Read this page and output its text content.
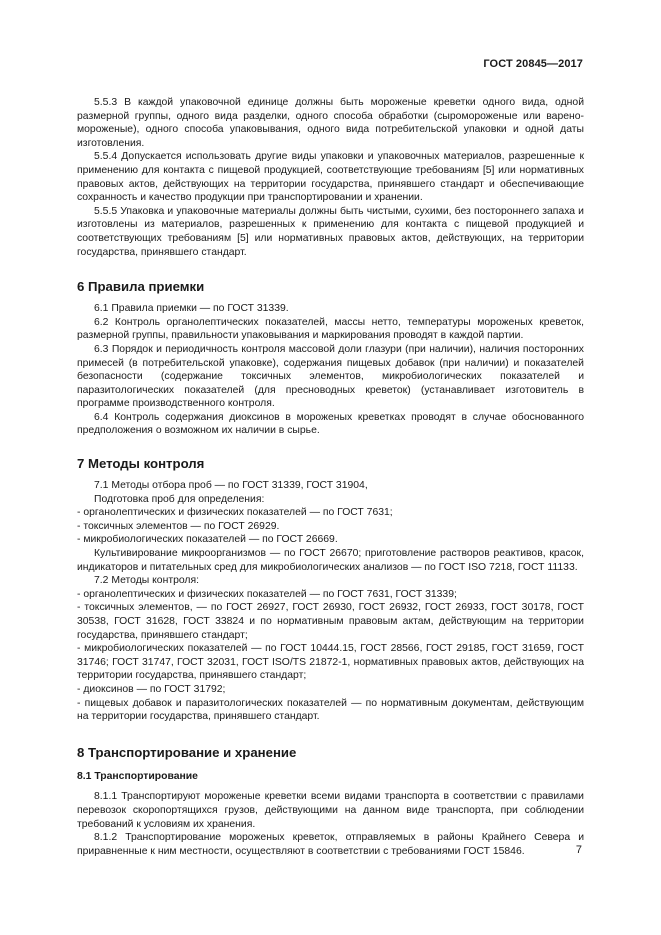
ГОСТ 20845—2017

5.5.3 В каждой упаковочной единице должны быть мороженые креветки одного вида, одной размерной группы, одного вида разделки, одного способа обработки (сыромороженые или варено-мороженые), одного способа упаковывания, одного вида потребительской упаковки и одной даты изготовления.

5.5.4 Допускается использовать другие виды упаковки и упаковочных материалов, разрешенные к применению для контакта с пищевой продукцией, соответствующие требованиям [5] или нормативных правовых актов, действующих на территории государства, принявшего стандарт и обеспечивающие сохранность и качество продукции при транспортировании и хранении.

5.5.5 Упаковка и упаковочные материалы должны быть чистыми, сухими, без постороннего запаха и изготовлены из материалов, разрешенных к применению для контакта с пищевой продукцией и соответствующих требованиям [5] или нормативных правовых актов, действующих, на территории государства, принявшего стандарт.

6 Правила приемки

6.1 Правила приемки — по ГОСТ 31339.

6.2 Контроль органолептических показателей, массы нетто, температуры мороженых креветок, размерной группы, правильности упаковывания и маркирования проводят в каждой партии.

6.3 Порядок и периодичность контроля массовой доли глазури (при наличии), наличия посторонних примесей (в потребительской упаковке), содержания пищевых добавок (при наличии) и показателей безопасности (содержание токсичных элементов, микробиологических показателей и паразитологических показателей (для пресноводных креветок) (устанавливает изготовитель в программе производственного контроля.

6.4 Контроль содержания диоксинов в мороженых креветках проводят в случае обоснованного предположения о возможном их наличии в сырье.

7 Методы контроля

7.1 Методы отбора проб — по ГОСТ 31339, ГОСТ 31904,

Подготовка проб для определения:

- органолептических и физических показателей — по ГОСТ 7631;

- токсичных элементов — по ГОСТ 26929.

- микробиологических показателей — по ГОСТ 26669.

Культивирование микроорганизмов — по ГОСТ 26670; приготовление растворов реактивов, красок, индикаторов и питательных сред для микробиологических анализов — по ГОСТ ISO 7218, ГОСТ 11133.

7.2 Методы контроля:

- органолептических и физических показателей — по ГОСТ 7631, ГОСТ 31339;

- токсичных элементов, — по ГОСТ 26927, ГОСТ 26930, ГОСТ 26932, ГОСТ 26933, ГОСТ 30178, ГОСТ 30538, ГОСТ 31628, ГОСТ 33824 и по нормативным правовым актам, действующим на территории государства, принявшего стандарт;

- микробиологических показателей — по ГОСТ 10444.15, ГОСТ 28566, ГОСТ 29185, ГОСТ 31659, ГОСТ 31746; ГОСТ 31747, ГОСТ 32031, ГОСТ ISO/TS 21872-1, нормативных правовых актов, действующих на территории государства, принявшего стандарт;

- диоксинов — по ГОСТ 31792;

- пищевых добавок и паразитологических показателей — по нормативным документам, действующим на территории государства, принявшего стандарт.

8 Транспортирование и хранение
8.1 Транспортирование

8.1.1 Транспортируют мороженые креветки всеми видами транспорта в соответствии с правилами перевозок скоропортящихся грузов, действующими на данном виде транспорта, при соблюдении требований к условиям их хранения.

8.1.2 Транспортирование мороженых креветок, отправляемых в районы Крайнего Севера и приравненные к ним местности, осуществляют в соответствии с требованиями ГОСТ 15846.	7
